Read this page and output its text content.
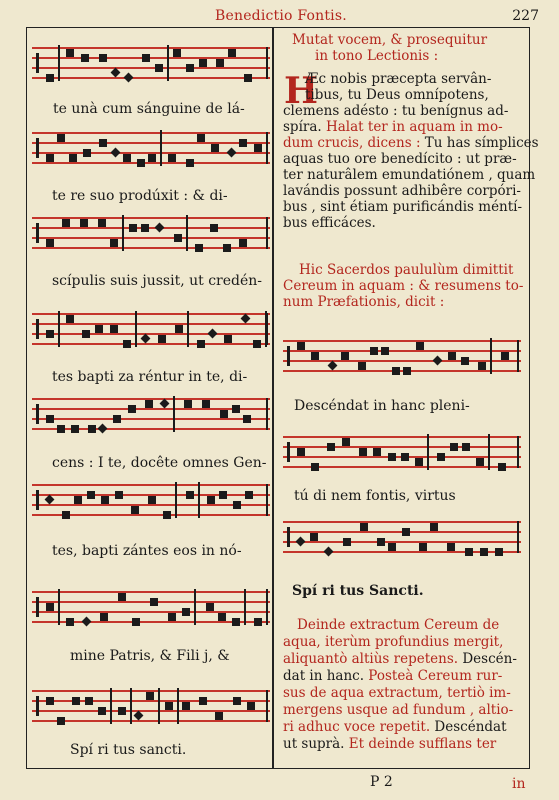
Benedictio Fontis.	227
te unà cum sánguine de lá-
te re suo prodúxit : & di-
scípulis suis jussit, ut credén-
tes bapti za réntur in te, di-
cens : I te, docête omnes Gen-
tes, bapti zántes eos in nó-
mine Patris, & Fili j, &
Spí ri tus sancti.
Mutat vocem, & prosequitur
in tono Lectionis :
H
Æc nobis præcepta servân-
tibus, tu Deus omnípotens,
clemens adésto : tu benígnus ad-
spíra. Halat ter in aquam in mo-
dum crucis, dicens : Tu has símplices
aquas tuo ore benedícito : ut præ-
ter naturâlem emundatiónem , quam
lavándis possunt adhibêre corpóri-
bus , sint étiam purificándis méntí-
bus efficáces.
Hic Sacerdos paululùm dimittit
Cereum in aquam : & resumens to-
num Præfationis, dicit :
Descéndat in hanc pleni-
tú di nem fontis, virtus
Spí ri tus Sancti.
Deinde extractum Cereum de
aqua, iterùm profundius mergit,
aliquantò altiùs repetens. Descén-
dat in hanc. Posteà Cereum rur-
sus de aqua extractum, tertiò im-
mergens usque ad fundum , altio-
ri adhuc voce repetit. Descéndat
ut suprà. Et deinde sufflans ter
P 2	in
